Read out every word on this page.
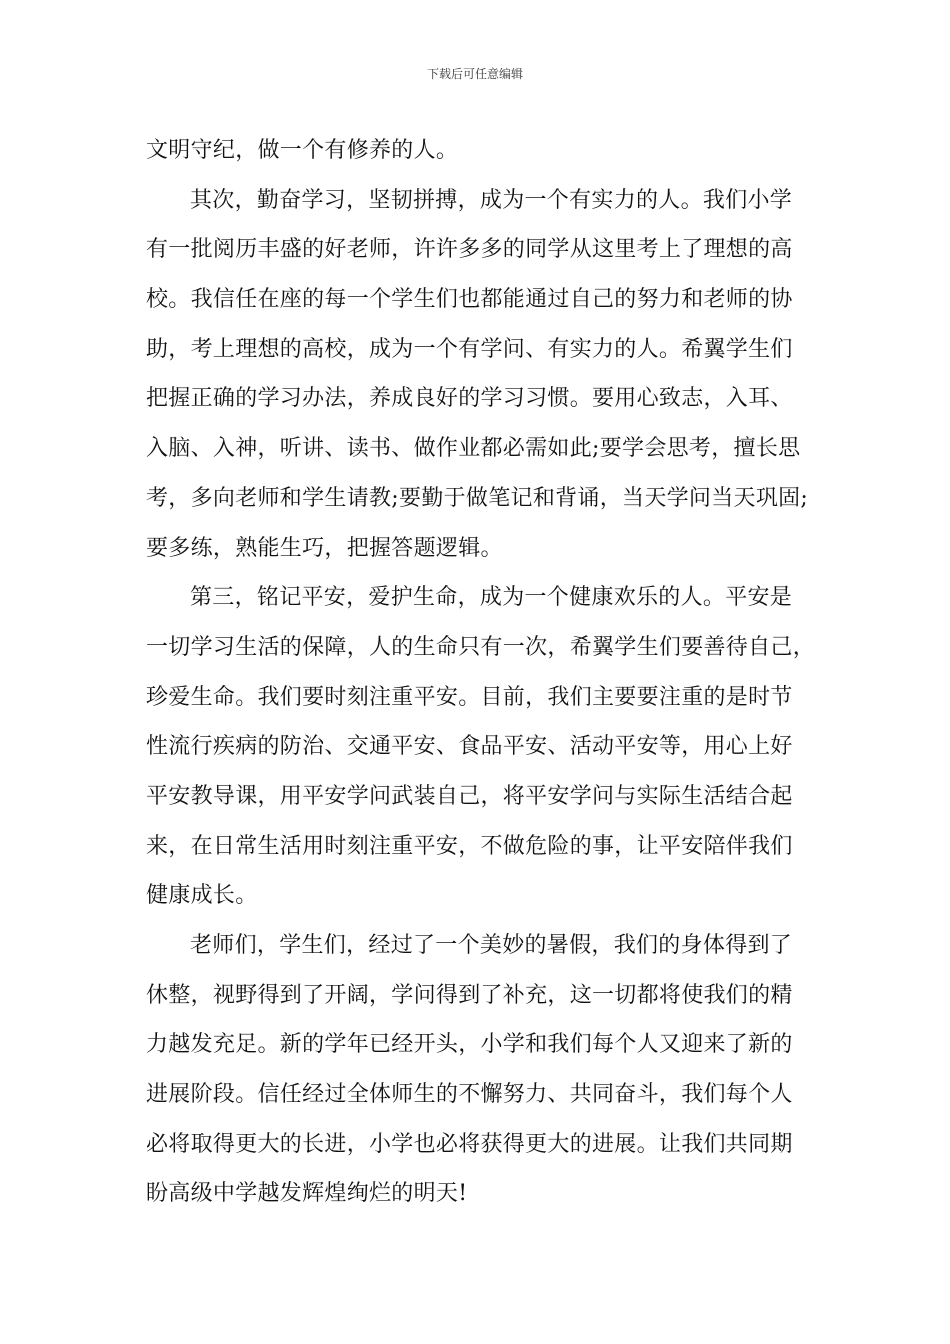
下载后可任意编辑
文明守纪，做一个有修养的人。
其次，勤奋学习，坚韧拼搏，成为一个有实力的人。我们小学
有一批阅历丰盛的好老师，许许多多的同学从这里考上了理想的高
校。我信任在座的每一个学生们也都能通过自己的努力和老师的协
助，考上理想的高校，成为一个有学问、有实力的人。希翼学生们
把握正确的学习办法，养成良好的学习习惯。要用心致志，入耳、
入脑、入神，听讲、读书、做作业都必需如此;要学会思考，擅长思
考，多向老师和学生请教;要勤于做笔记和背诵，当天学问当天巩固;
要多练，熟能生巧，把握答题逻辑。
第三，铭记平安，爱护生命，成为一个健康欢乐的人。平安是
一切学习生活的保障，人的生命只有一次，希翼学生们要善待自己，
珍爱生命。我们要时刻注重平安。目前，我们主要要注重的是时节
性流行疾病的防治、交通平安、食品平安、活动平安等，用心上好
平安教导课，用平安学问武装自己，将平安学问与实际生活结合起
来，在日常生活用时刻注重平安，不做危险的事，让平安陪伴我们
健康成长。
老师们，学生们，经过了一个美妙的暑假，我们的身体得到了
休整，视野得到了开阔，学问得到了补充，这一切都将使我们的精
力越发充足。新的学年已经开头，小学和我们每个人又迎来了新的
进展阶段。信任经过全体师生的不懈努力、共同奋斗，我们每个人
必将取得更大的长进，小学也必将获得更大的进展。让我们共同期
盼高级中学越发辉煌绚烂的明天!
